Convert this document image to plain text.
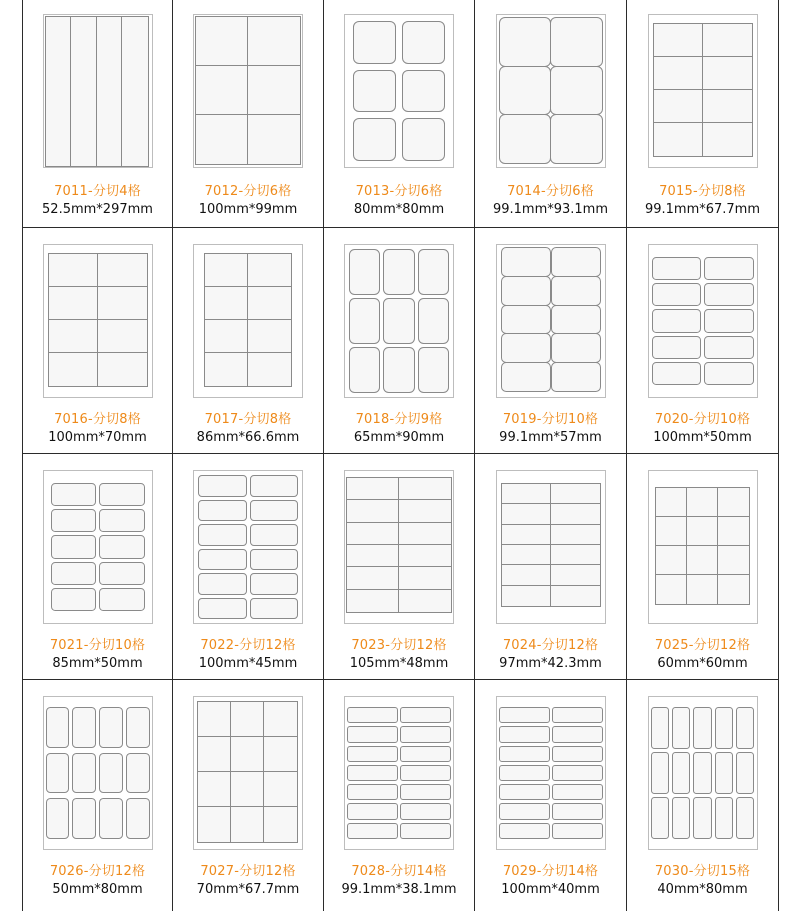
7011-分切4格
52.5mm*297mm
7012-分切6格
100mm*99mm
7013-分切6格
80mm*80mm
7014-分切6格
99.1mm*93.1mm
7015-分切8格
99.1mm*67.7mm
7016-分切8格
100mm*70mm
7017-分切8格
86mm*66.6mm
7018-分切9格
65mm*90mm
7019-分切10格
99.1mm*57mm
7020-分切10格
100mm*50mm
7021-分切10格
85mm*50mm
7022-分切12格
100mm*45mm
7023-分切12格
105mm*48mm
7024-分切12格
97mm*42.3mm
7025-分切12格
60mm*60mm
7026-分切12格
50mm*80mm
7027-分切12格
70mm*67.7mm
7028-分切14格
99.1mm*38.1mm
7029-分切14格
100mm*40mm
7030-分切15格
40mm*80mm
